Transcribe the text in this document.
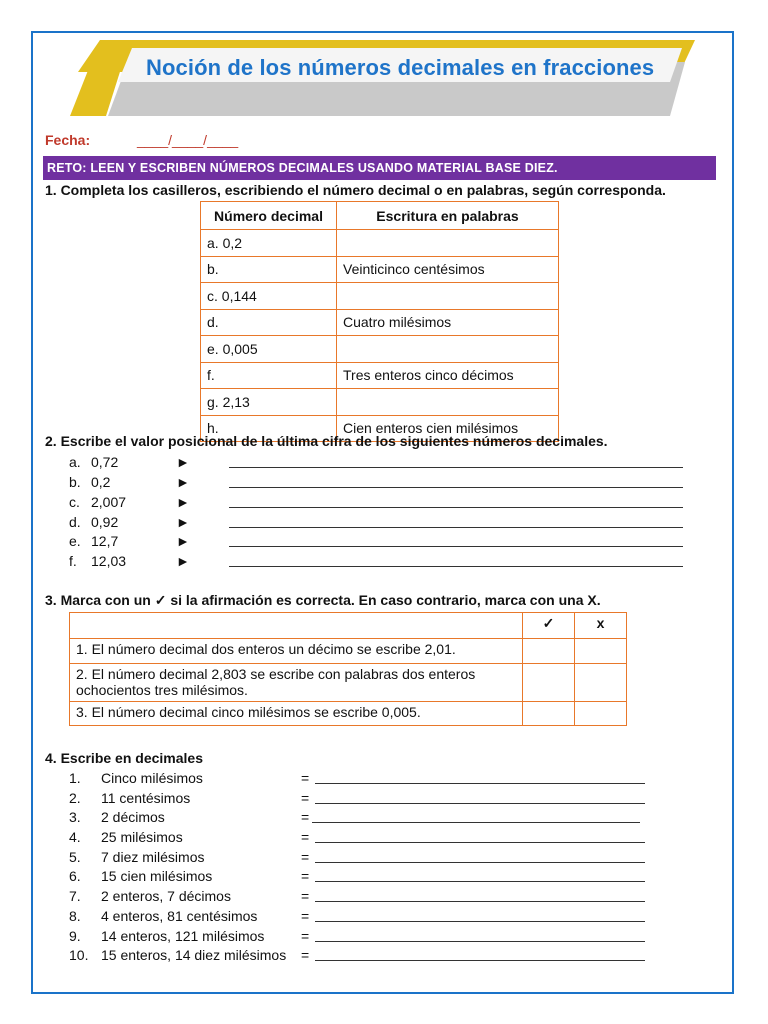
Noción de los números decimales en fracciones
Fecha:	____/____/____
RETO: LEEN Y ESCRIBEN NÚMEROS DECIMALES USANDO MATERIAL BASE DIEZ.
1. Completa los casilleros, escribiendo el número decimal o en palabras, según corresponda.
Número decimal	Escritura en palabras
a. 0,2	
b.	Veinticinco centésimos
c. 0,144	
d.	Cuatro milésimos
e. 0,005	
f.	Tres enteros cinco décimos
g. 2,13	
h.	Cien enteros cien milésimos
2. Escribe el valor posicional de la última cifra de los siguientes números decimales.
a. 0,72	►
b. 0,2	►
c. 2,007	►
d. 0,92	►
e. 12,7	►
f. 12,03	►
3. Marca con un ✓ si la afirmación es correcta. En caso contrario, marca con una X.
	✓	x
1. El número decimal dos enteros un décimo se escribe 2,01.		
2. El número decimal 2,803 se escribe con palabras dos enteros ochocientos tres milésimos.		
3. El número decimal cinco milésimos se escribe 0,005.		
4. Escribe en decimales
1. Cinco milésimos	=
2. 11 centésimos	=
3. 2 décimos	=
4. 25 milésimos	=
5. 7 diez milésimos	=
6. 15 cien milésimos	=
7. 2 enteros, 7 décimos	=
8. 4 enteros, 81 centésimos	=
9. 14 enteros, 121 milésimos	=
10. 15 enteros, 14 diez milésimos =
